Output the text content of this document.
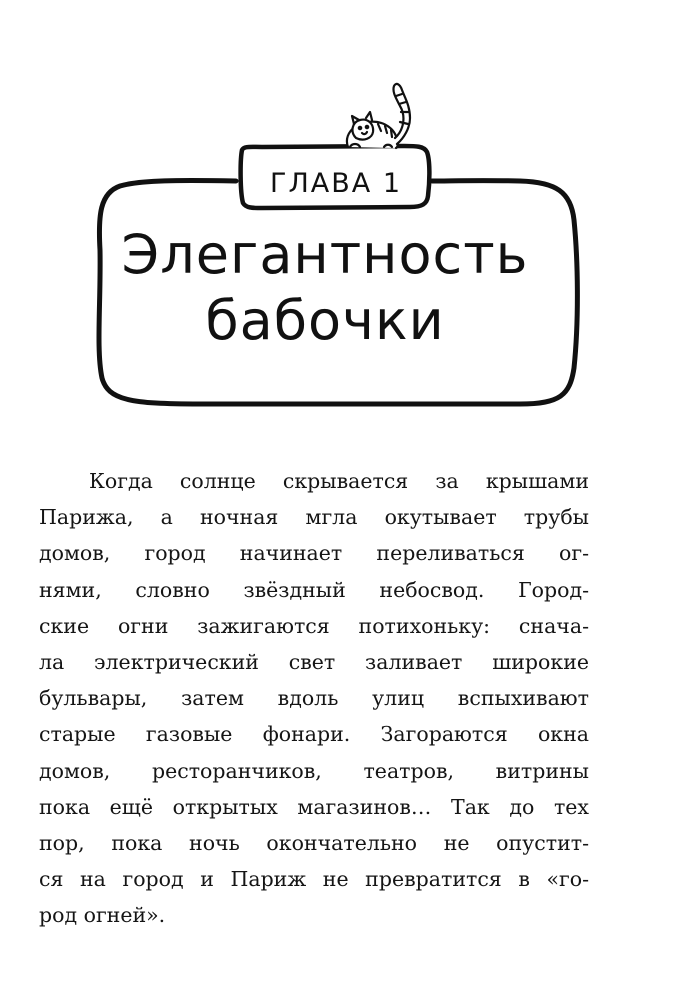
ГЛАВА 1
Элегантность
бабочки
Когда солнце скрывается за крышами
Парижа, а ночная мгла окутывает трубы
домов, город начинает переливаться ог-
нями, словно звёздный небосвод. Город-
ские огни зажигаются потихоньку: снача-
ла электрический свет заливает широкие
бульвары, затем вдоль улиц вспыхивают
старые газовые фонари. Загораются окна
домов, ресторанчиков, театров, витрины
пока ещё открытых магазинов… Так до тех
пор, пока ночь окончательно не опустит-
ся на город и Париж не превратится в «го-
род огней».
